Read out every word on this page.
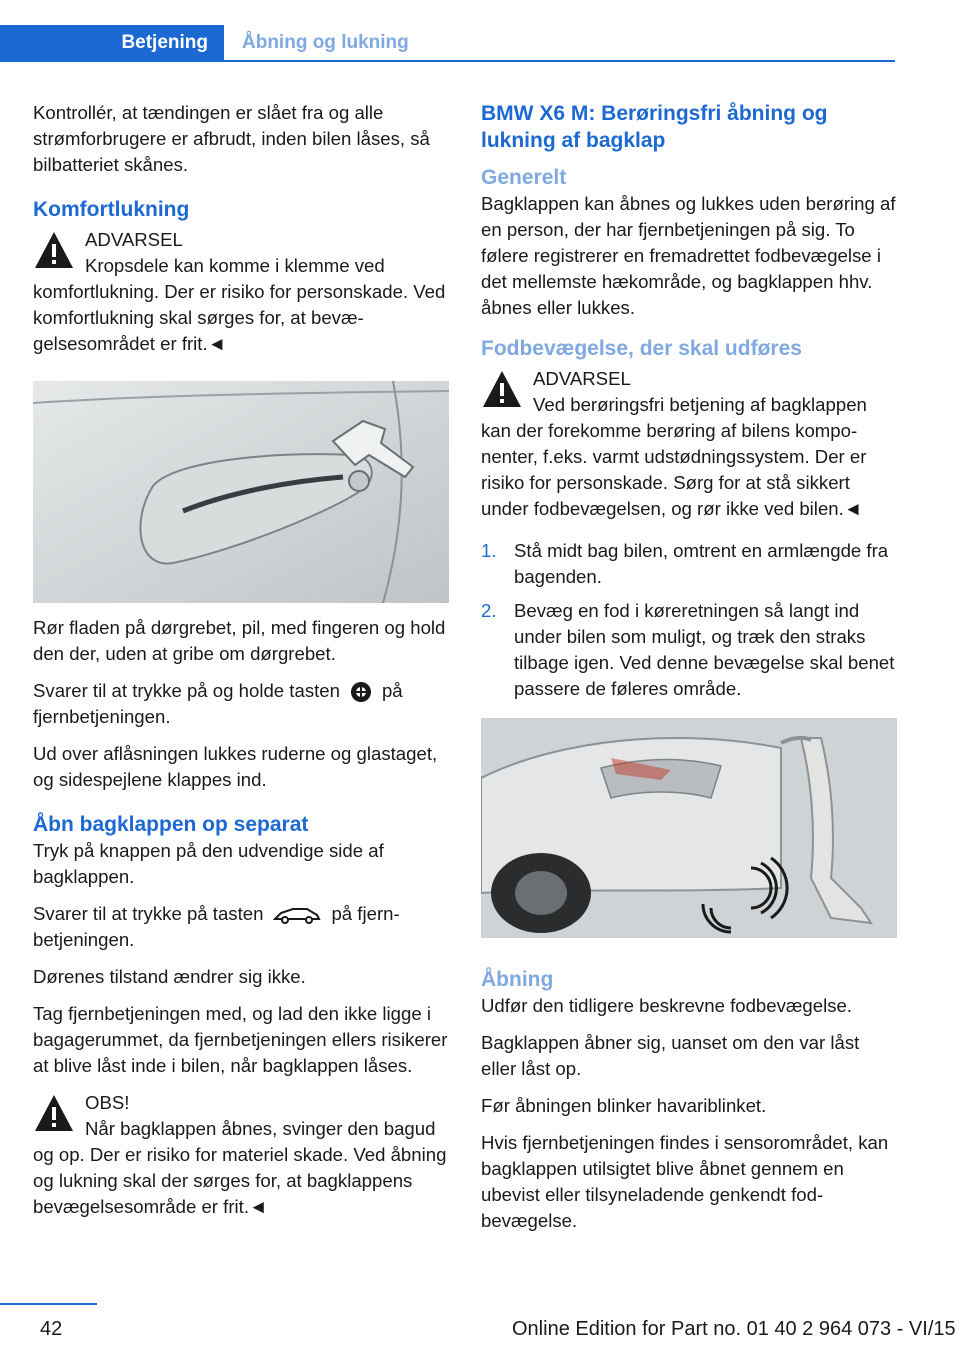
Betjening	Åbning og lukning

Kontrollér, at tændingen er slået fra og alle strømforbrugere er afbrudt, inden bilen låses, så bilbatteriet skånes.

Komfortlukning

ADVARSEL

Kropsdele kan komme i klemme ved komfortlukning. Der er risiko for personskade. Ved komfortlukning skal sørges for, at bevægelsesområdet er frit.◄

Rør fladen på dørgrebet, pil, med fingeren og hold den der, uden at gribe om dørgrebet.

Svarer til at trykke på og holde tasten på fjernbetjeningen.

Ud over aflåsningen lukkes ruderne og glastaget, og sidespejlene klappes ind.

Åbn bagklappen op separat

Tryk på knappen på den udvendige side af bagklappen.

Svarer til at trykke på tasten	på fjernbetjeningen.

Dørenes tilstand ændrer sig ikke.

Tag fjernbetjeningen med, og lad den ikke ligge i bagagerummet, da fjernbetjeningen ellers risikerer at blive låst inde i bilen, når bagklappen låses.

OBS!

Når bagklappen åbnes, svinger den bagud og op. Der er risiko for materiel skade. Ved åbning og lukning skal der sørges for, at bagklappens bevægelsesområde er frit.◄

BMW X6 M: Berøringsfri åbning og lukning af bagklap
Generelt

Bagklappen kan åbnes og lukkes uden berøring af en person, der har fjernbetjeningen på sig. To følere registrerer en fremadrettet fodbevægelse i det mellemste hækområde, og bagklappen hhv. åbnes eller lukkes.

Fodbevægelse, der skal udføres

ADVARSEL

Ved berøringsfri betjening af bagklappen kan der forekomme berøring af bilens komponenter, f.eks. varmt udstødningssystem. Der er risiko for personskade. Sørg for at stå sikkert under fodbevægelsen, og rør ikke ved bilen.◄

1. Stå midt bag bilen, omtrent en armlængde fra bagenden.
2. Bevæg en fod i køreretningen så langt ind under bilen som muligt, og træk den straks tilbage igen. Ved denne bevægelse skal benet passere de føleres område.
Åbning

Udfør den tidligere beskrevne fodbevægelse.

Bagklappen åbner sig, uanset om den var låst eller låst op.

Før åbningen blinker havariblinket.

Hvis fjernbetjeningen findes i sensorområdet, kan bagklappen utilsigtet blive åbnet gennem en ubevist eller tilsyneladende genkendt fodbevægelse.

42	Online Edition for Part no. 01 40 2 964 073 - VI/15
